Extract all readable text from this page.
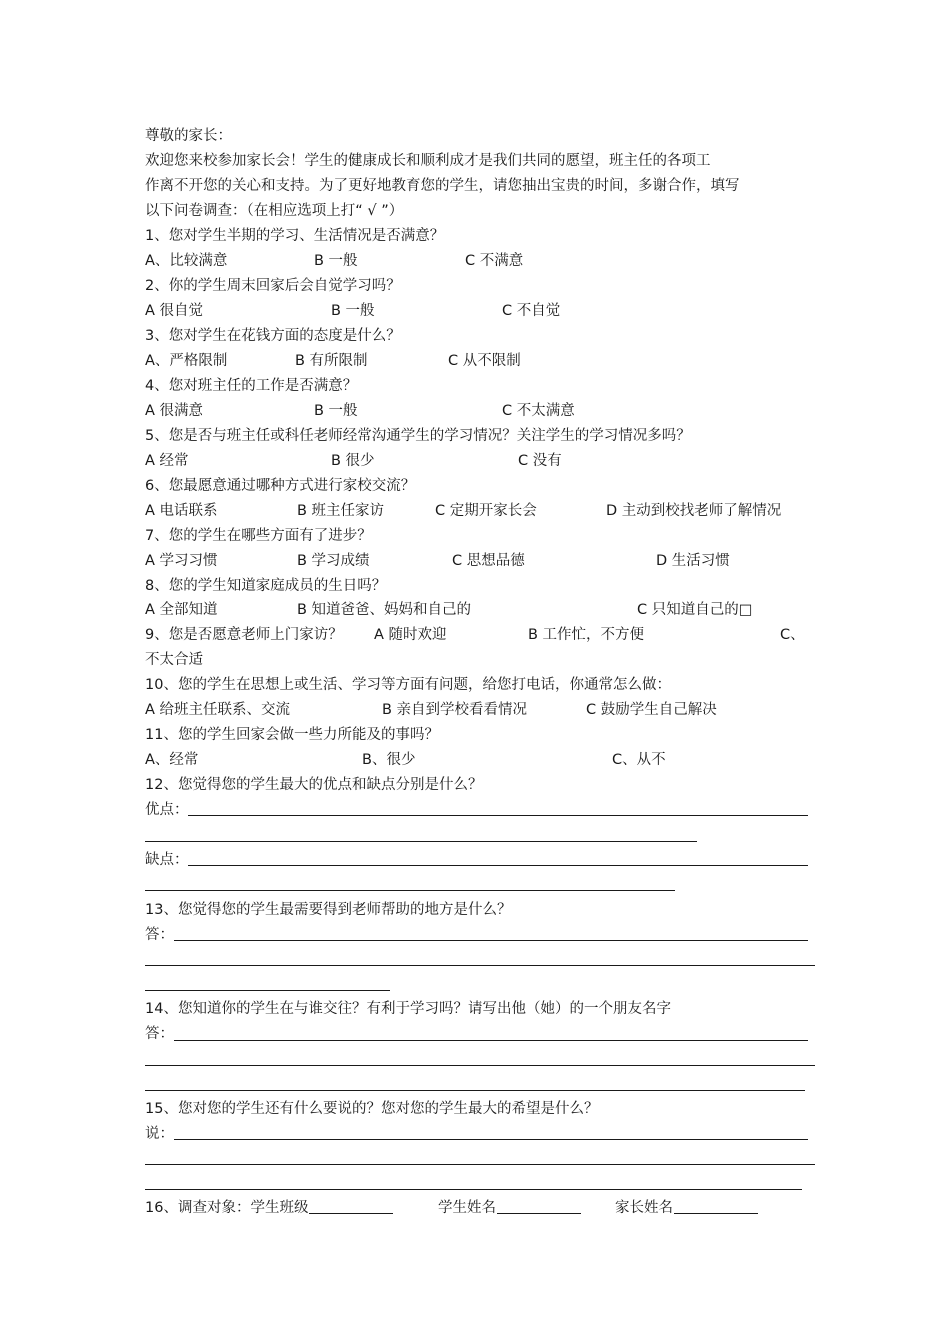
尊敬的家长：
欢迎您来校参加家长会！学生的健康成长和顺利成才是我们共同的愿望，班主任的各项工
作离不开您的关心和支持。为了更好地教育您的学生，请您抽出宝贵的时间，多谢合作，填写
以下问卷调查：（在相应选项上打“ √ ”）
1、您对学生半期的学习、生活情况是否满意？
A、比较满意	B 一般	C 不满意
2、你的学生周末回家后会自觉学习吗？
A 很自觉	B 一般	C 不自觉
3、您对学生在花钱方面的态度是什么？
A、严格限制	B 有所限制	C 从不限制
4、您对班主任的工作是否满意？
A 很满意	B 一般	C 不太满意
5、您是否与班主任或科任老师经常沟通学生的学习情况？关注学生的学习情况多吗？
A 经常	B 很少	C 没有
6、您最愿意通过哪种方式进行家校交流？
A 电话联系	B 班主任家访	C 定期开家长会	D 主动到校找老师了解情况
7、您的学生在哪些方面有了进步？
A 学习习惯	B 学习成绩	C 思想品德	D 生活习惯
8、您的学生知道家庭成员的生日吗？
A 全部知道	B 知道爸爸、妈妈和自己的	C 只知道自己的□
9、您是否愿意老师上门家访？ A 随时欢迎	B 工作忙，不方便	C、
不太合适
10、您的学生在思想上或生活、学习等方面有问题，给您打电话，你通常怎么做：
A 给班主任联系、交流	B 亲自到学校看看情况	C 鼓励学生自己解决
11、您的学生回家会做一些力所能及的事吗？
A、经常	B、很少	C、从不
12、您觉得您的学生最大的优点和缺点分别是什么？
优点：
缺点：
13、您觉得您的学生最需要得到老师帮助的地方是什么？
答：
14、您知道你的学生在与谁交往？有利于学习吗？请写出他（她）的一个朋友名字
答：
15、您对您的学生还有什么要说的？您对您的学生最大的希望是什么？
说：
16、调查对象：学生班级	学生姓名	家长姓名
